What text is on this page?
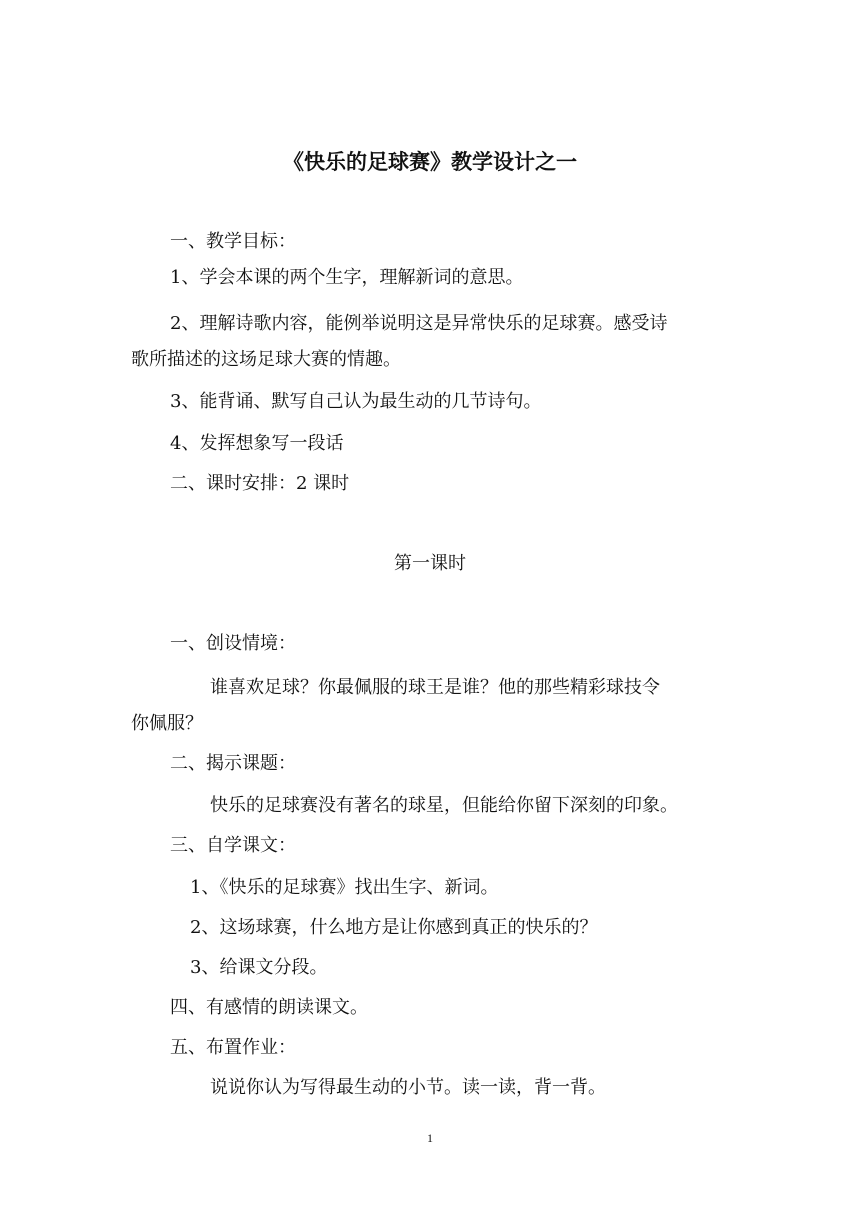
《快乐的足球赛》教学设计之一
一、教学目标：
1、学会本课的两个生字，理解新词的意思。
2、理解诗歌内容，能例举说明这是异常快乐的足球赛。感受诗
歌所描述的这场足球大赛的情趣。
3、能背诵、默写自己认为最生动的几节诗句。
4、发挥想象写一段话
二、课时安排：2 课时
第一课时
一、创设情境：
谁喜欢足球？你最佩服的球王是谁？他的那些精彩球技令
你佩服？
二、揭示课题：
快乐的足球赛没有著名的球星，但能给你留下深刻的印象。
三、自学课文：
1、《快乐的足球赛》找出生字、新词。
2、这场球赛，什么地方是让你感到真正的快乐的？
3、给课文分段。
四、有感情的朗读课文。
五、布置作业：
说说你认为写得最生动的小节。读一读，背一背。
1
